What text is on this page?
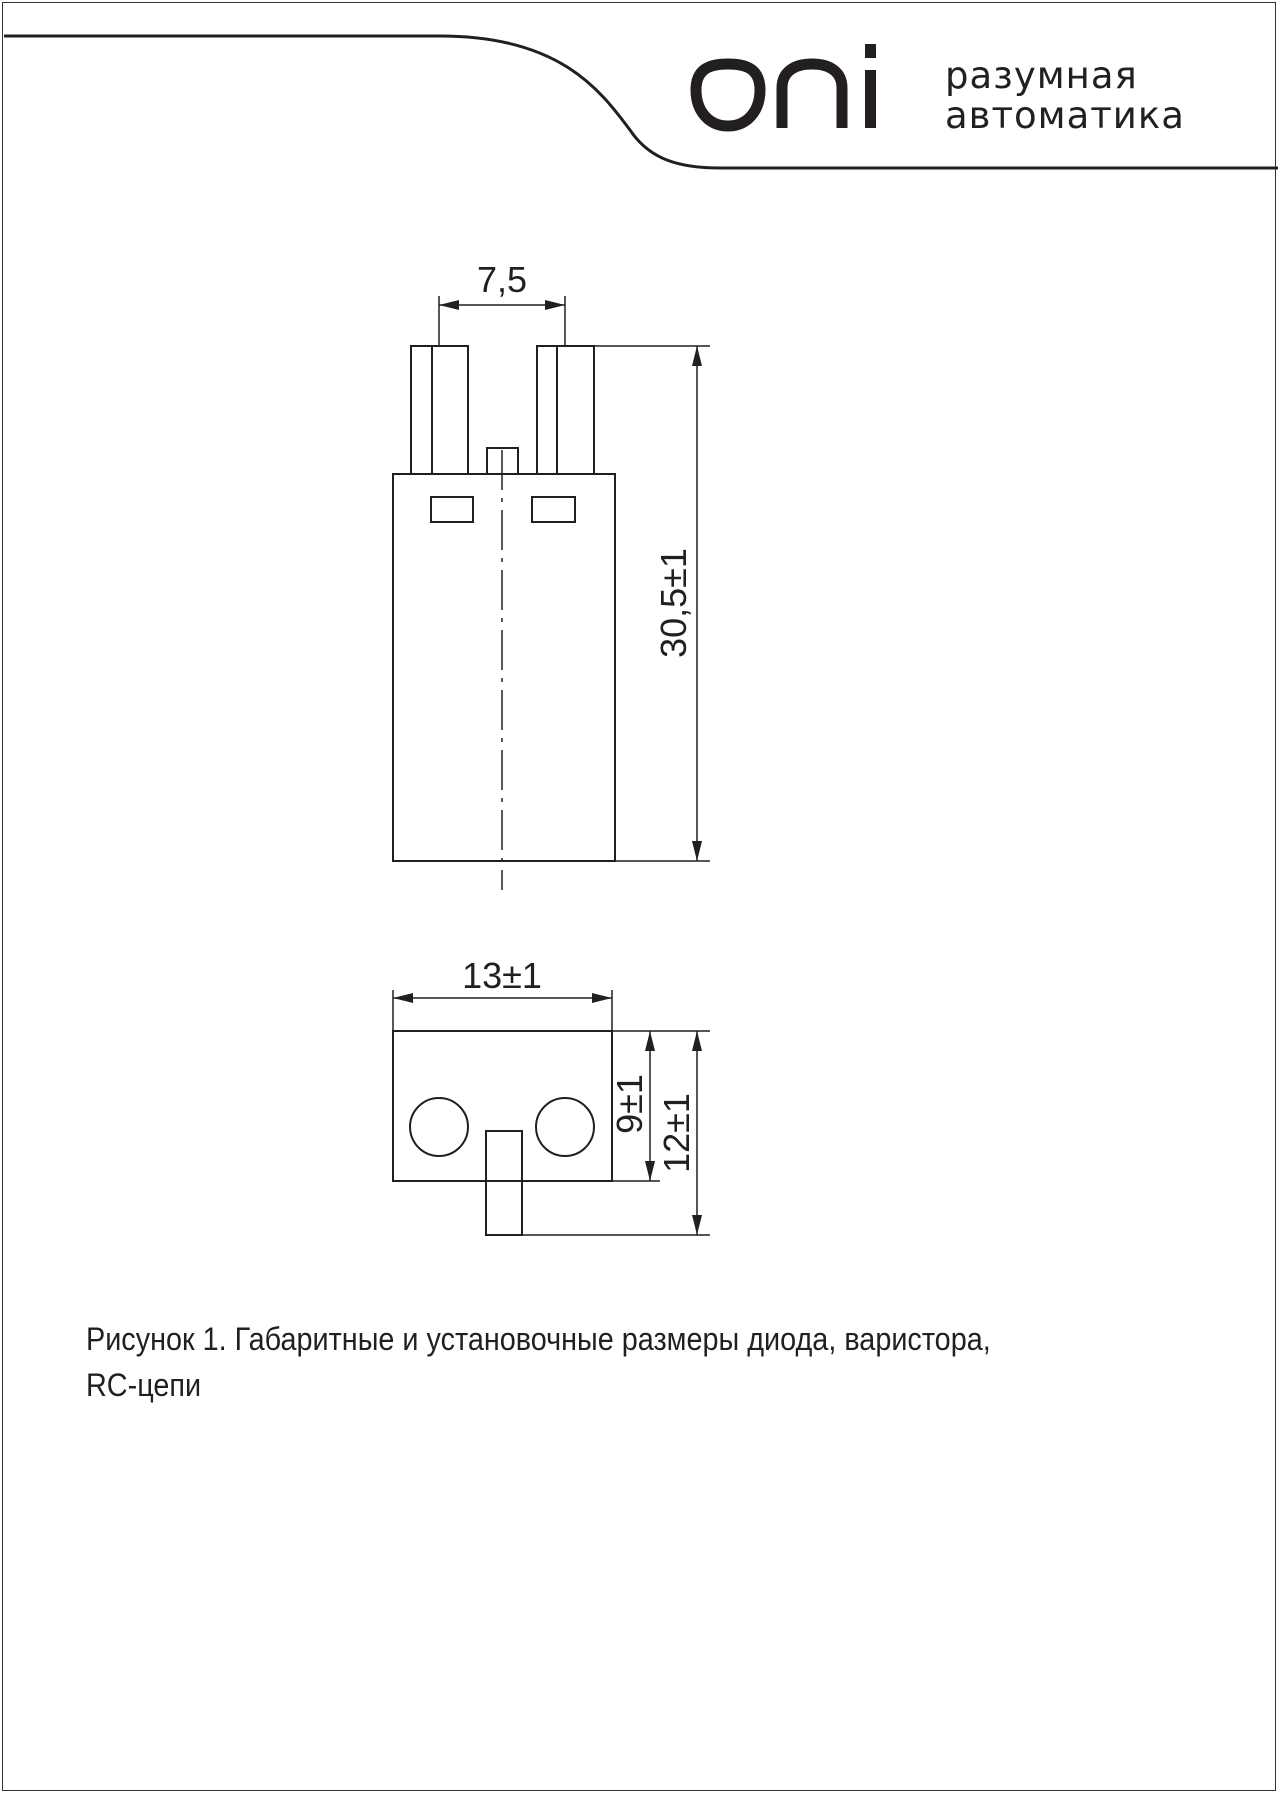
разумная
автоматика
7,5
30,5±1
13±1
9±1 12±1
Рисунок 1. Габаритные и установочные размеры диода, варистора,
RC-цепи
